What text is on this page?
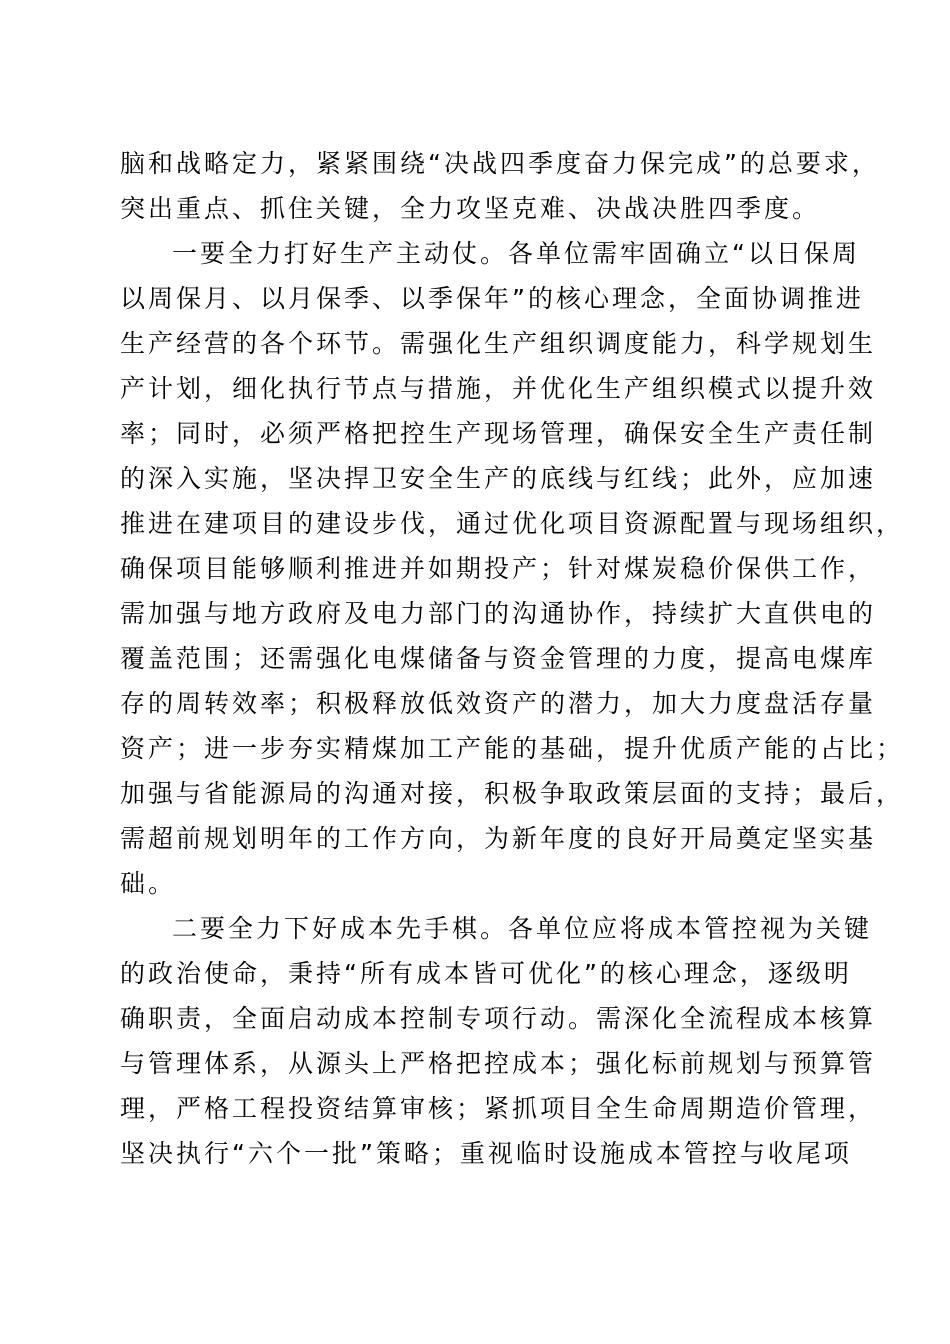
脑和战略定力，紧紧围绕“决战四季度奋力保完成”的总要求，

突出重点、抓住关键，全力攻坚克难、决战决胜四季度。

一要全力打好生产主动仗。各单位需牢固确立“以日保周

以周保月、以月保季、以季保年”的核心理念，全面协调推进

生产经营的各个环节。需强化生产组织调度能力，科学规划生

产计划，细化执行节点与措施，并优化生产组织模式以提升效

率；同时，必须严格把控生产现场管理，确保安全生产责任制

的深入实施，坚决捍卫安全生产的底线与红线；此外，应加速

推进在建项目的建设步伐，通过优化项目资源配置与现场组织，

确保项目能够顺利推进并如期投产；针对煤炭稳价保供工作，

需加强与地方政府及电力部门的沟通协作，持续扩大直供电的

覆盖范围；还需强化电煤储备与资金管理的力度，提高电煤库

存的周转效率；积极释放低效资产的潜力，加大力度盘活存量

资产；进一步夯实精煤加工产能的基础，提升优质产能的占比；

加强与省能源局的沟通对接，积极争取政策层面的支持；最后，

需超前规划明年的工作方向，为新年度的良好开局奠定坚实基

础。

二要全力下好成本先手棋。各单位应将成本管控视为关键

的政治使命，秉持“所有成本皆可优化”的核心理念，逐级明

确职责，全面启动成本控制专项行动。需深化全流程成本核算

与管理体系，从源头上严格把控成本；强化标前规划与预算管

理，严格工程投资结算审核；紧抓项目全生命周期造价管理，

坚决执行“六个一批”策略；重视临时设施成本管控与收尾项
